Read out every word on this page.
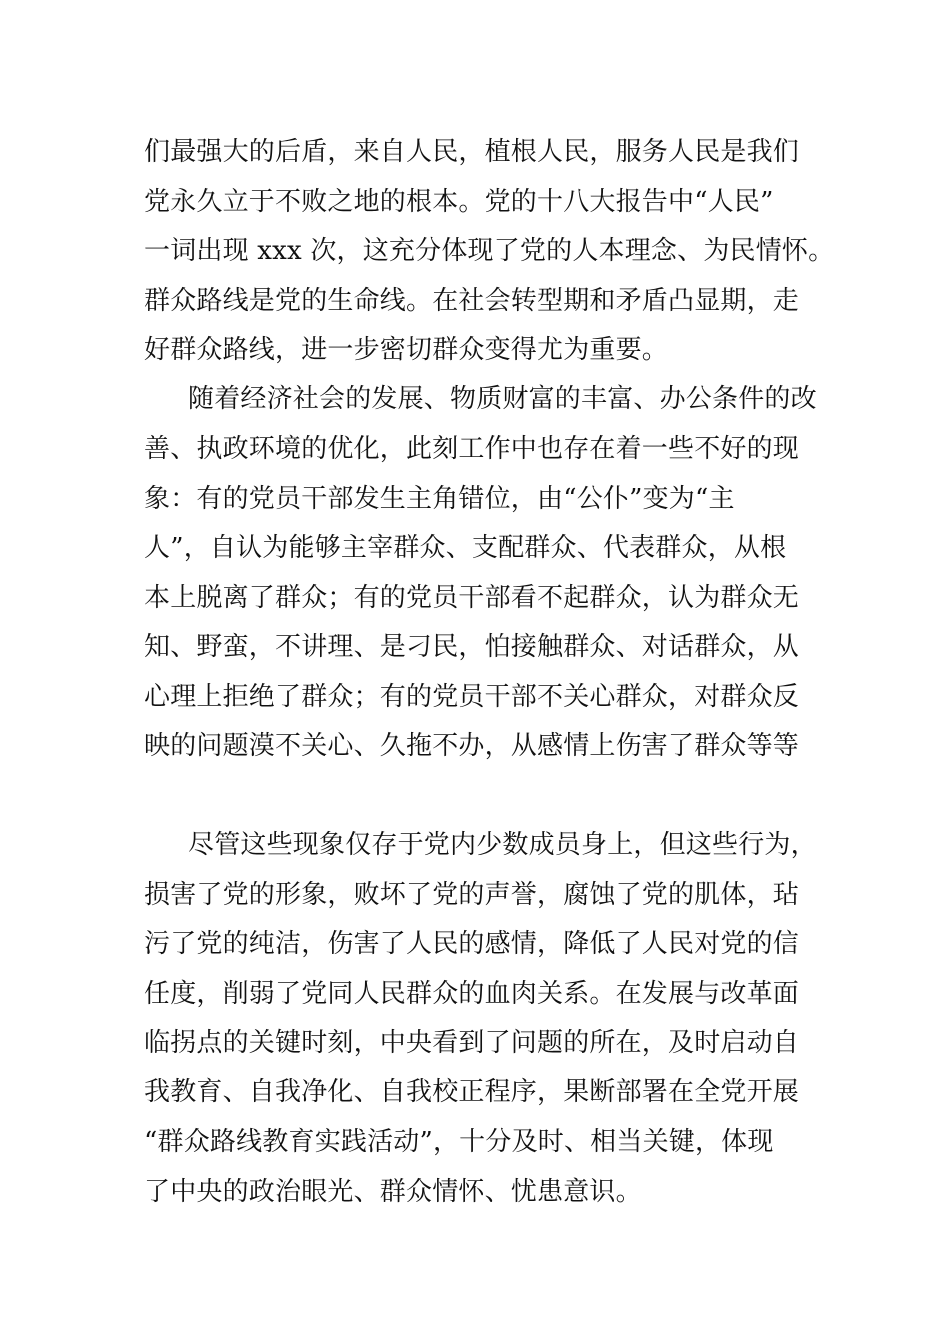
们最强大的后盾，来自人民，植根人民，服务人民是我们
党永久立于不败之地的根本。党的十八大报告中“人民”
一词出现 xxx 次，这充分体现了党的人本理念、为民情怀。
群众路线是党的生命线。在社会转型期和矛盾凸显期，走
好群众路线，进一步密切群众变得尤为重要。
随着经济社会的发展、物质财富的丰富、办公条件的改
善、执政环境的优化，此刻工作中也存在着一些不好的现
象：有的党员干部发生主角错位，由“公仆”变为“主
人”，自认为能够主宰群众、支配群众、代表群众，从根
本上脱离了群众；有的党员干部看不起群众，认为群众无
知、野蛮，不讲理、是刁民，怕接触群众、对话群众，从
心理上拒绝了群众；有的党员干部不关心群众，对群众反
映的问题漠不关心、久拖不办，从感情上伤害了群众等等
尽管这些现象仅存于党内少数成员身上，但这些行为，
损害了党的形象，败坏了党的声誉，腐蚀了党的肌体，玷
污了党的纯洁，伤害了人民的感情，降低了人民对党的信
任度，削弱了党同人民群众的血肉关系。在发展与改革面
临拐点的关键时刻，中央看到了问题的所在，及时启动自
我教育、自我净化、自我校正程序，果断部署在全党开展
“群众路线教育实践活动”，十分及时、相当关键，体现
了中央的政治眼光、群众情怀、忧患意识。
